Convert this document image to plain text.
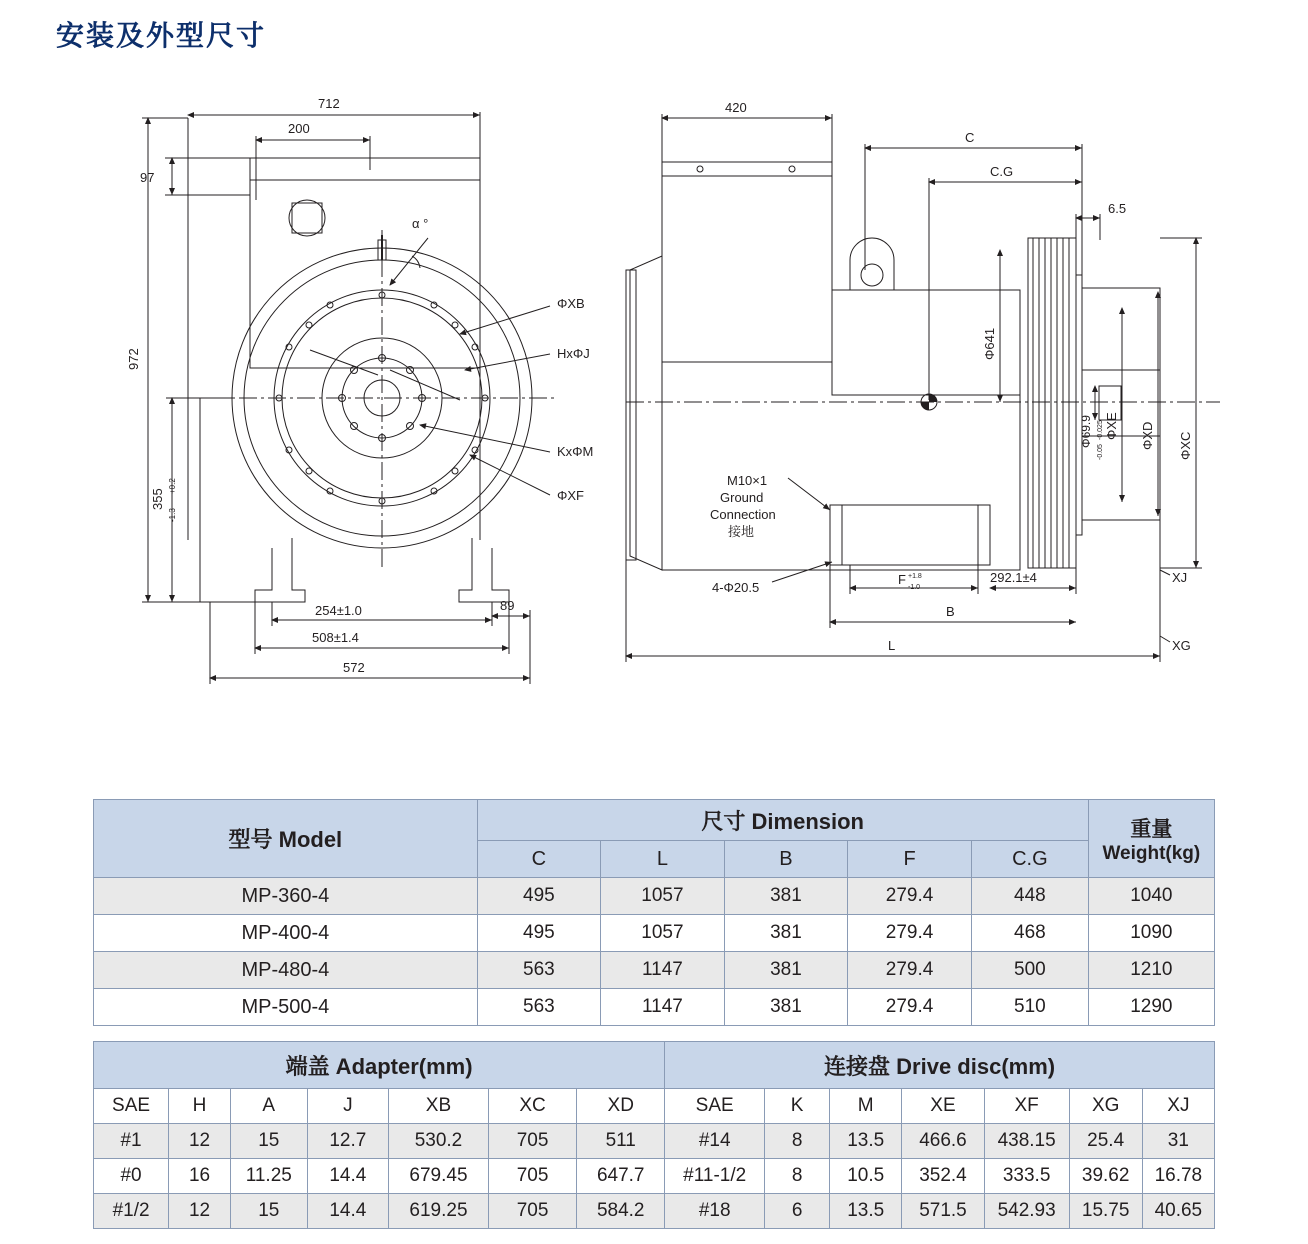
安装及外型尺寸
712
200
97
ΦXB
HxΦJ
KxΦM
ΦXF
α °
972
355
+0.2
-1.3
254±1.0	89
508±1.4
572
420
C
C.G
6.5
Φ641
ΦXE
Φ69.9 -0.025
-0.05
ΦXD ΦXC
M10×1
Ground
Connection
接地
4-Φ20.5
F +1.8
-1.0
292.1±4
B
L
XJ
XG
型号 Model	尺寸 Dimension					重量
Weight(kg)

	C	L	B	F	C.G	
MP-360-4	495	1057	381	279.4	448	1040
MP-400-4	495	1057	381	279.4	468	1090
MP-480-4	563	1147	381	279.4	500	1210
MP-500-4	563	1147	381	279.4	510	1290
端盖 Adapter(mm)							连接盘 Drive disc(mm)						
SAE	H	A	J	XB	XC	XD	SAE	K	M	XE	XF	XG	XJ
#1	12	15	12.7	530.2	705	511	#14	8	13.5	466.6	438.15	25.4	31
#0	16	11.25	14.4	679.45	705	647.7	#11-1/2	8	10.5	352.4	333.5	39.62	16.78
#1/2	12	15	14.4	619.25	705	584.2	#18	6	13.5	571.5	542.93	15.75	40.65
